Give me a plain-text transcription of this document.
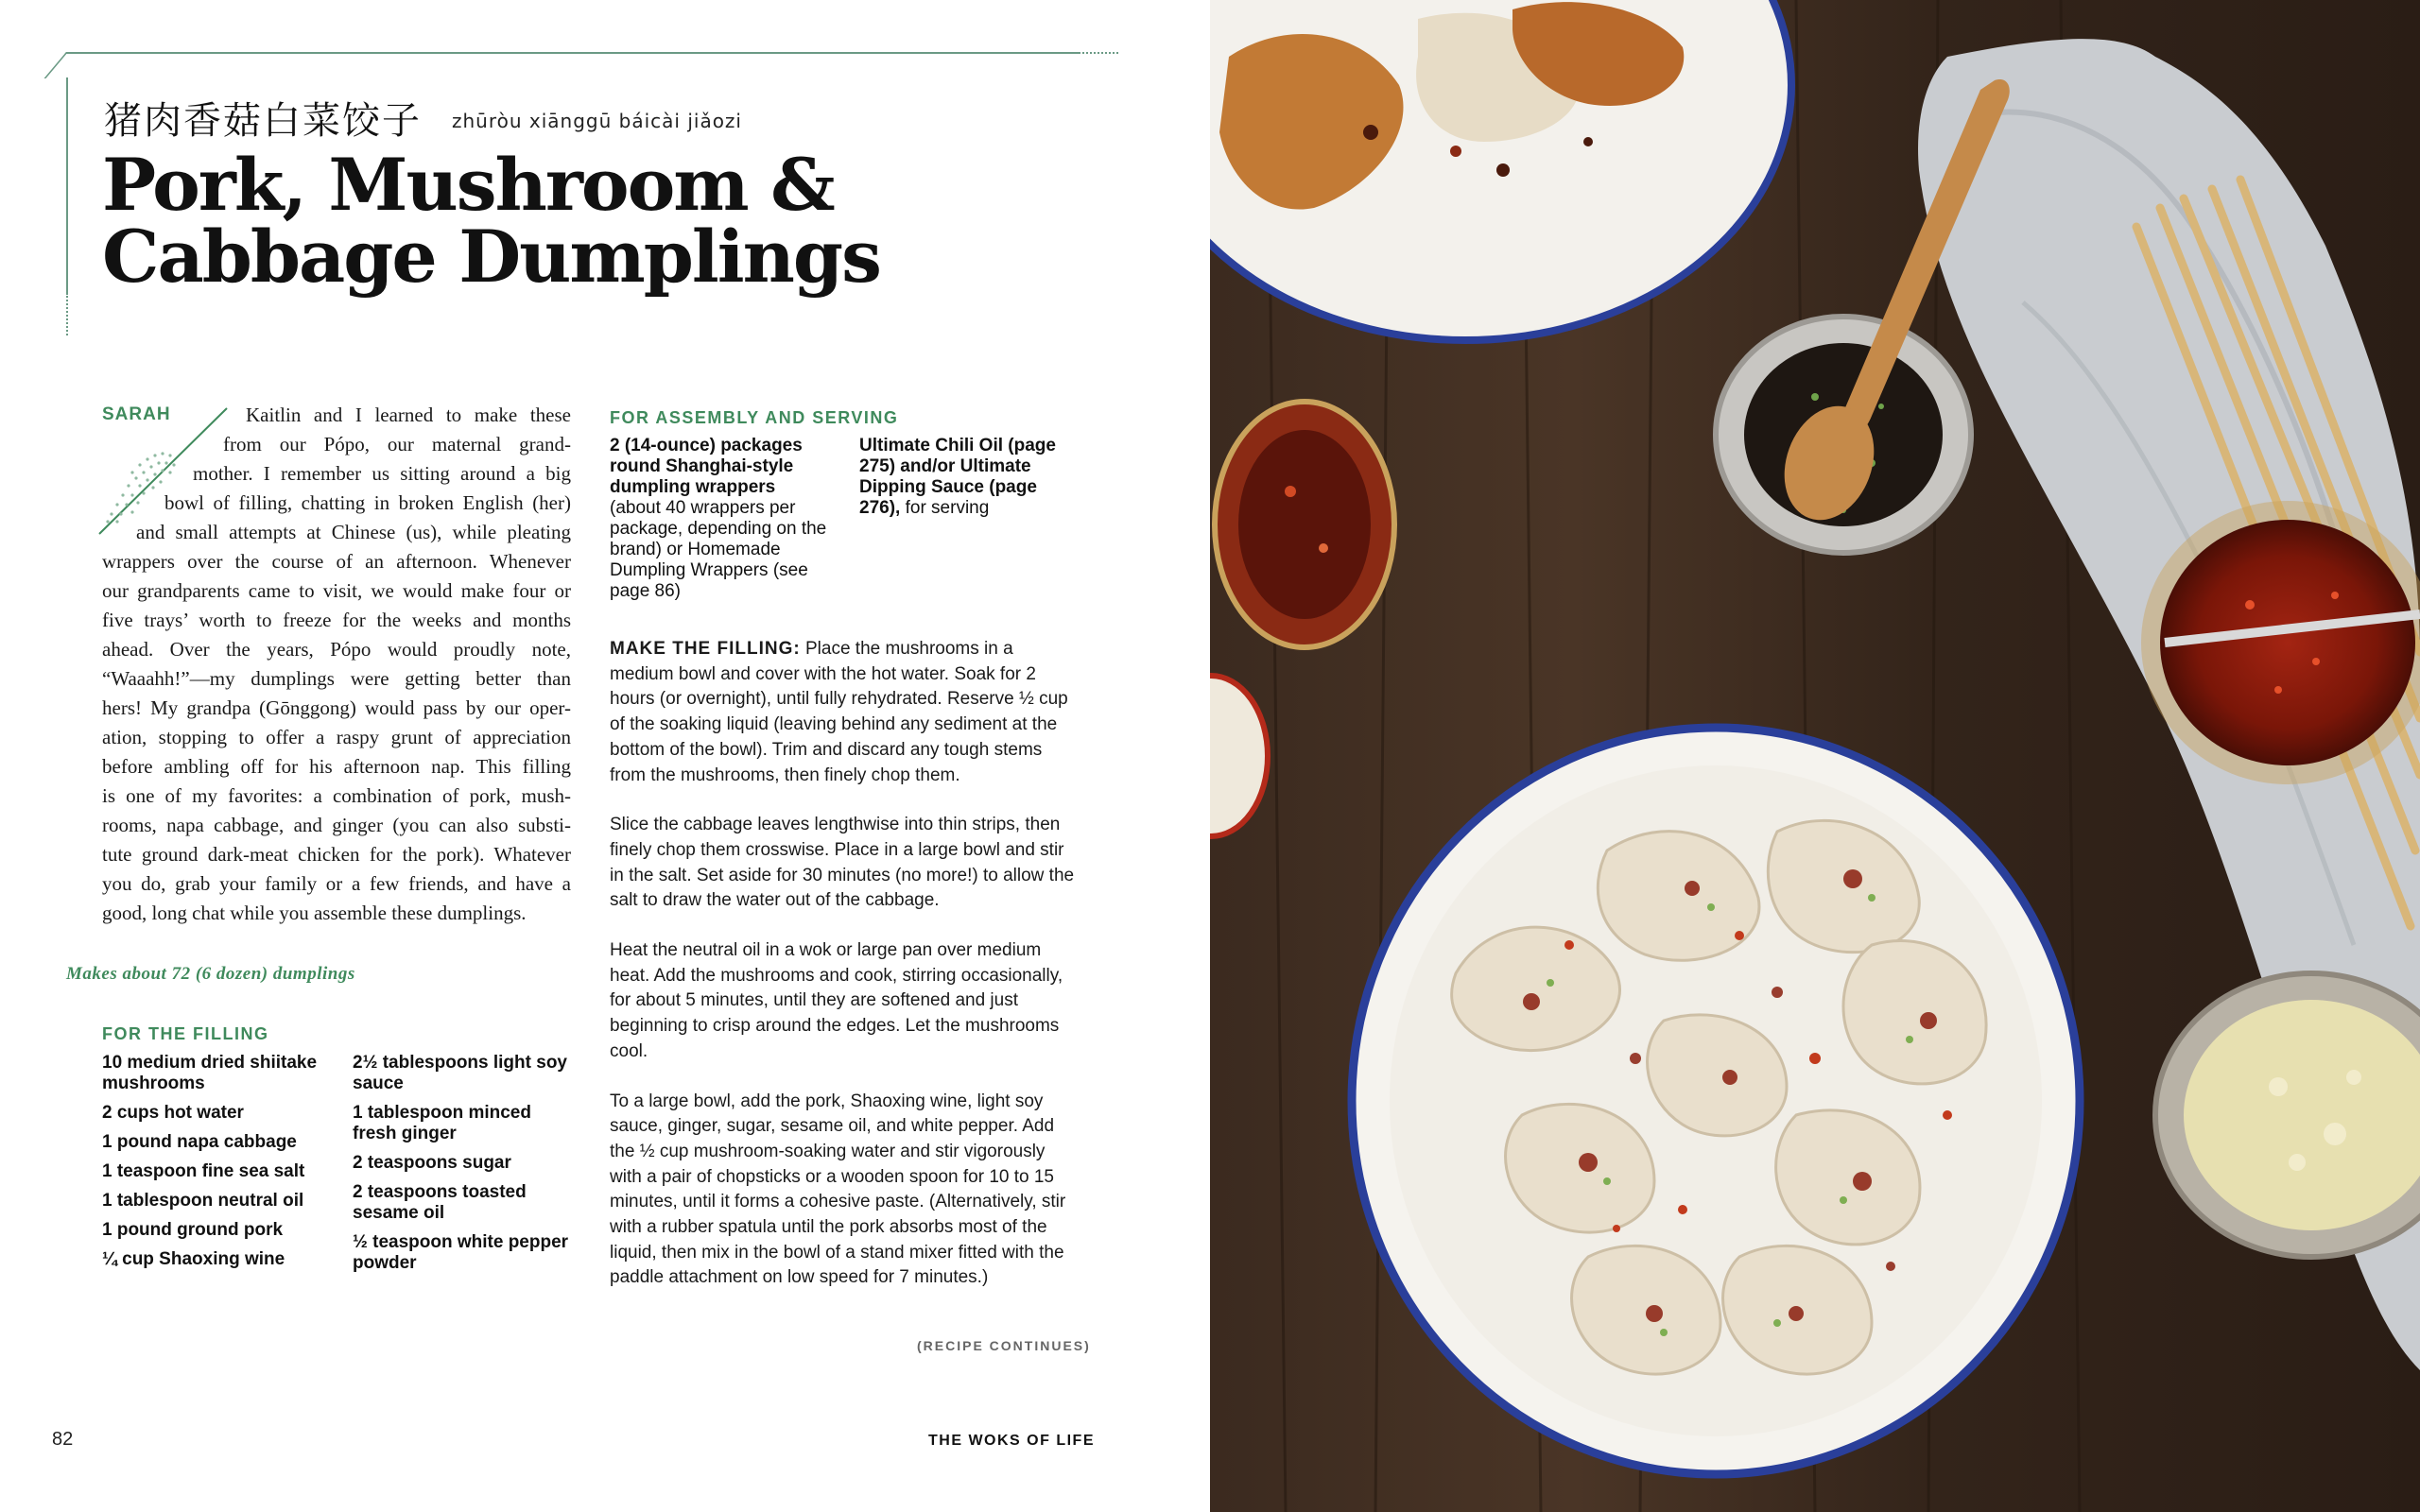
猪肉香菇白菜饺子 zhūròu xiānggū báicài jiǎozi
Pork, Mushroom &
Cabbage Dumplings
SARAH	Kaitlin and I learned to make these
from our Pópo, our maternal grand-
mother. I remember us sitting around a big
bowl of filling, chatting in broken English (her)
and small attempts at Chinese (us), while pleating
wrappers over the course of an afternoon. Whenever
our grandparents came to visit, we would make four or
five trays’ worth to freeze for the weeks and months
ahead. Over the years, Pópo would proudly note,
“Waaahh!”—my dumplings were getting better than
hers! My grandpa (Gōnggong) would pass by our oper-
ation, stopping to offer a raspy grunt of appreciation
before ambling off for his afternoon nap. This filling
is one of my favorites: a combination of pork, mush-
rooms, napa cabbage, and ginger (you can also substi-
tute ground dark-meat chicken for the pork). Whatever
you do, grab your family or a few friends, and have a
good, long chat while you assemble these dumplings.
Makes about 72 (6 dozen) dumplings
FOR THE FILLING
10 medium dried shiitake mushrooms
2 cups hot water
1 pound napa cabbage
1 teaspoon fine sea salt
1 tablespoon neutral oil
1 pound ground pork
¼ cup Shaoxing wine
2½ tablespoons light soy sauce
1 tablespoon minced fresh ginger
2 teaspoons sugar
2 teaspoons toasted sesame oil
½ teaspoon white pepper powder
FOR ASSEMBLY AND SERVING
2 (14-ounce) packages round Shanghai-style dumpling wrappers
(about 40 wrappers per package, depending on the brand) or Homemade Dumpling Wrappers (see page 86)
Ultimate Chili Oil (page 275) and/or Ultimate Dipping Sauce (page 276), for serving

MAKE THE FILLING: Place the mushrooms in a medium bowl and cover with the hot water. Soak for 2 hours (or overnight), until fully rehydrated. Reserve ½ cup of the soaking liquid (leaving behind any sediment at the bottom of the bowl). Trim and discard any tough stems from the mushrooms, then finely chop them.

Slice the cabbage leaves lengthwise into thin strips, then finely chop them crosswise. Place in a large bowl and stir in the salt. Set aside for 30 minutes (no more!) to allow the salt to draw the water out of the cabbage.

Heat the neutral oil in a wok or large pan over medium heat. Add the mushrooms and cook, stirring occasionally, for about 5 minutes, until they are softened and just beginning to crisp around the edges. Let the mushrooms cool.

To a large bowl, add the pork, Shaoxing wine, light soy sauce, ginger, sugar, sesame oil, and white pepper. Add the ½ cup mushroom-soaking water and stir vigorously with a pair of chopsticks or a wooden spoon for 10 to 15 minutes, until it forms a cohesive paste. (Alternatively, stir with a rubber spatula until the pork absorbs most of the liquid, then mix in the bowl of a stand mixer fitted with the paddle attachment on low speed for 7 minutes.)

(RECIPE CONTINUES)
82	THE WOKS OF LIFE
